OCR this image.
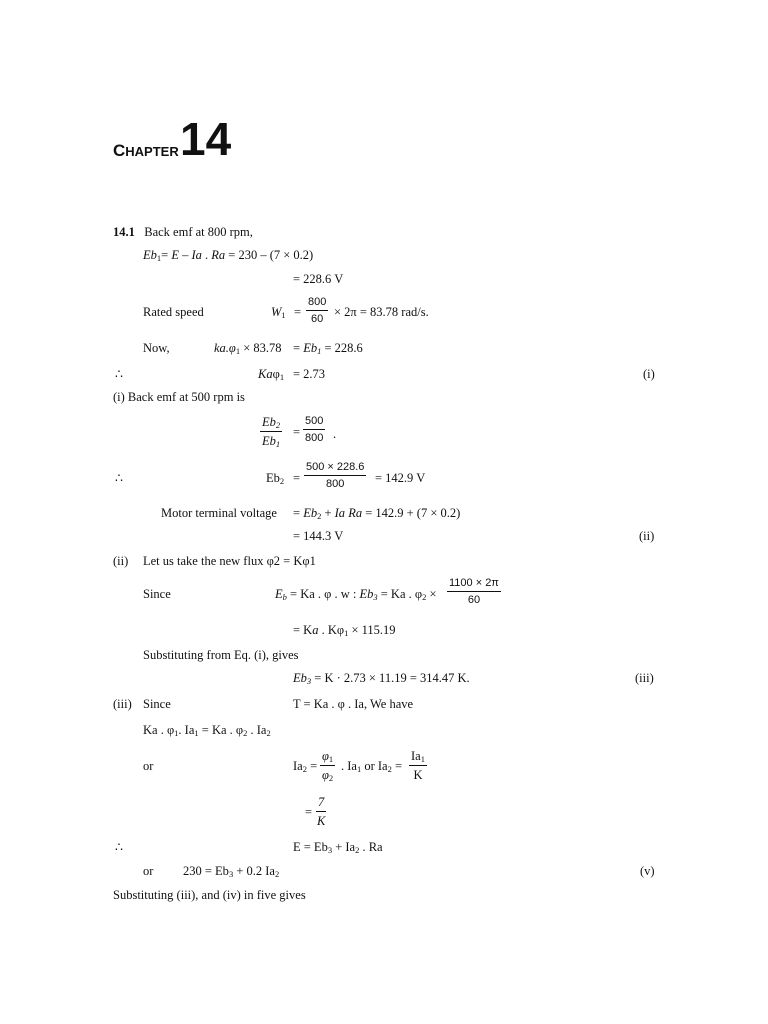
CHAPTER 14
14.1 Back emf at 800 rpm,
$Eb_1= E - Ia$ . Ra = 230 – (7 × 0.2)
= 228.6 V
Rated speed	$W_1 = \frac{800}{60} \times 2\pi = 83.78$ rad/s.
Now,	$ka.\varphi_1 \times 83.78 = Eb_1 = 228.6$
∴	Kaφ$_1$ = 2.73	(i)
(i) Back emf at 500 rpm is
$\frac{Eb_2}{Eb_1} = \frac{500}{800}$ .
∴	$Eb_2 = \frac{500 \times 228.6}{800} = 142.9$ V
Motor terminal voltage = $Eb_2 + Ia$ Ra = 142.9 + (7 × 0.2)
= 144.3 V	(ii)
(ii) Let us take the new flux φ2 = Kφ1
Since	$E_b = Ka$ . φ . w : $Eb_3 = Ka$ . $\varphi_2 \times \frac{1100 \times 2\pi}{60}$
= Ka . $K\varphi_1 \times 115.19$
Substituting from Eq. (i), gives
$Eb_3 = K \cdot 2.73 \times 11.19 = 314.47$ K.	(iii)
(iii) Since	T = Ka . φ . Ia, We have
Ka . $\varphi_1$. $Ia_1 = Ka$ . $\varphi_2$ . $Ia_2$
or	$Ia_2 = \frac{\varphi_1}{\varphi_2}$ . $Ia_1$ or $Ia_2 = \frac{Ia_1}{K}$
= $\frac{7}{K}$
∴	$E = Eb_3 + Ia_2$ . Ra
or $230 = Eb_3 + 0.2$ $Ia_2$	(v)
Substituting (iii), and (iv) in five gives
